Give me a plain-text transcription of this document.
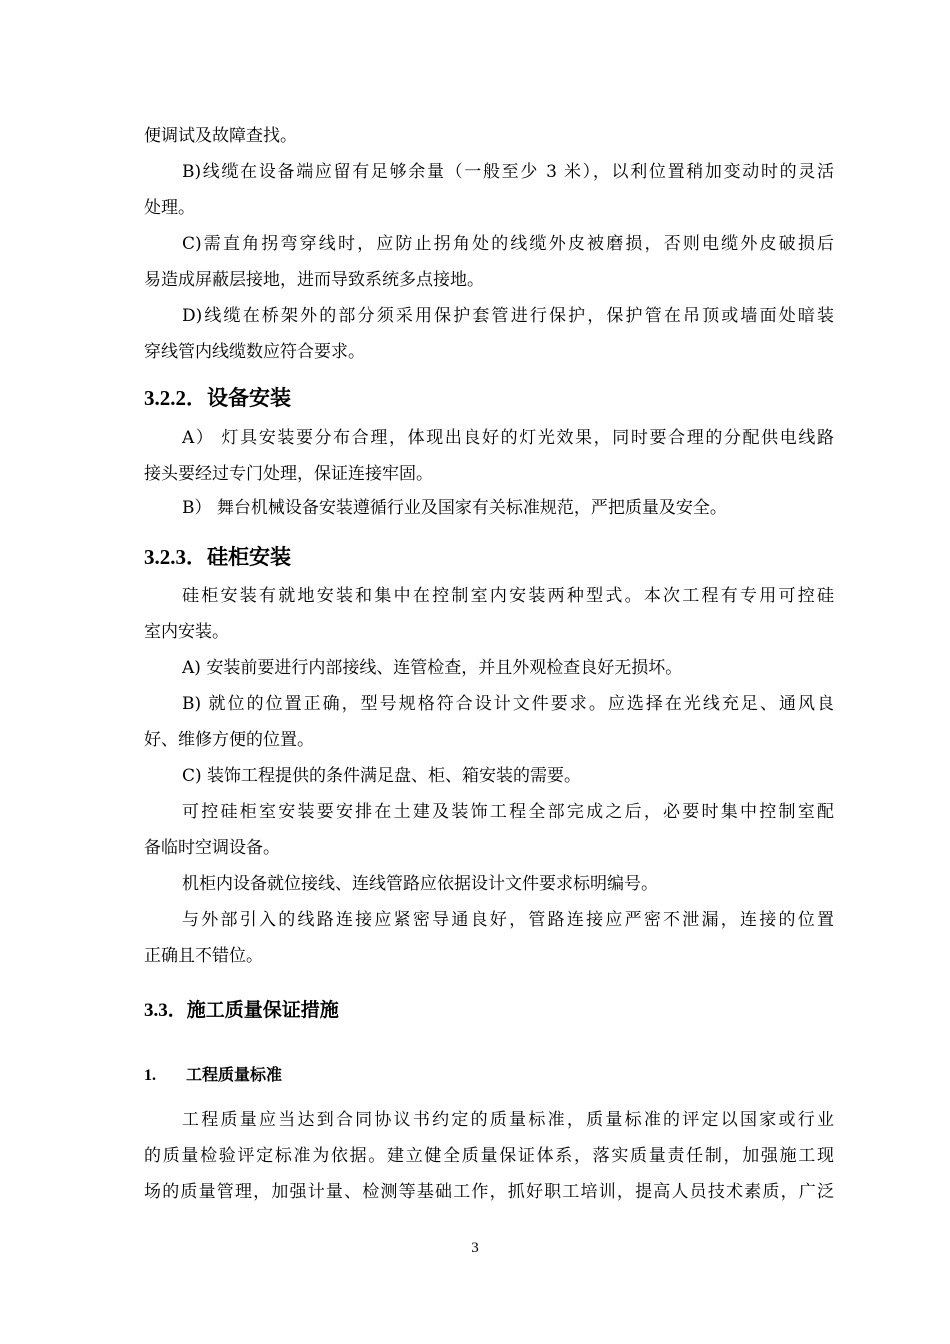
便调试及故障查找。
B)线缆在设备端应留有足够余量（一般至少 3 米），以利位置稍加变动时的灵活
处理。
C)需直角拐弯穿线时，应防止拐角处的线缆外皮被磨损，否则电缆外皮破损后
易造成屏蔽层接地，进而导致系统多点接地。
D)线缆在桥架外的部分须采用保护套管进行保护，保护管在吊顶或墙面处暗装
穿线管内线缆数应符合要求。
3.2.2．设备安装
A） 灯具安装要分布合理，体现出良好的灯光效果，同时要合理的分配供电线路
接头要经过专门处理，保证连接牢固。
B） 舞台机械设备安装遵循行业及国家有关标准规范，严把质量及安全。
3.2.3．硅柜安装
硅柜安装有就地安装和集中在控制室内安装两种型式。本次工程有专用可控硅
室内安装。
A) 安装前要进行内部接线、连管检查，并且外观检查良好无损坏。
B) 就位的位置正确，型号规格符合设计文件要求。应选择在光线充足、通风良
好、维修方便的位置。
C) 装饰工程提供的条件满足盘、柜、箱安装的需要。
可控硅柜室安装要安排在土建及装饰工程全部完成之后，必要时集中控制室配
备临时空调设备。
机柜内设备就位接线、连线管路应依据设计文件要求标明编号。
与外部引入的线路连接应紧密导通良好，管路连接应严密不泄漏，连接的位置
正确且不错位。
3.3．施工质量保证措施
1. 工程质量标准
工程质量应当达到合同协议书约定的质量标准，质量标准的评定以国家或行业
的质量检验评定标准为依据。建立健全质量保证体系，落实质量责任制，加强施工现
场的质量管理，加强计量、检测等基础工作，抓好职工培训，提高人员技术素质，广泛
3
